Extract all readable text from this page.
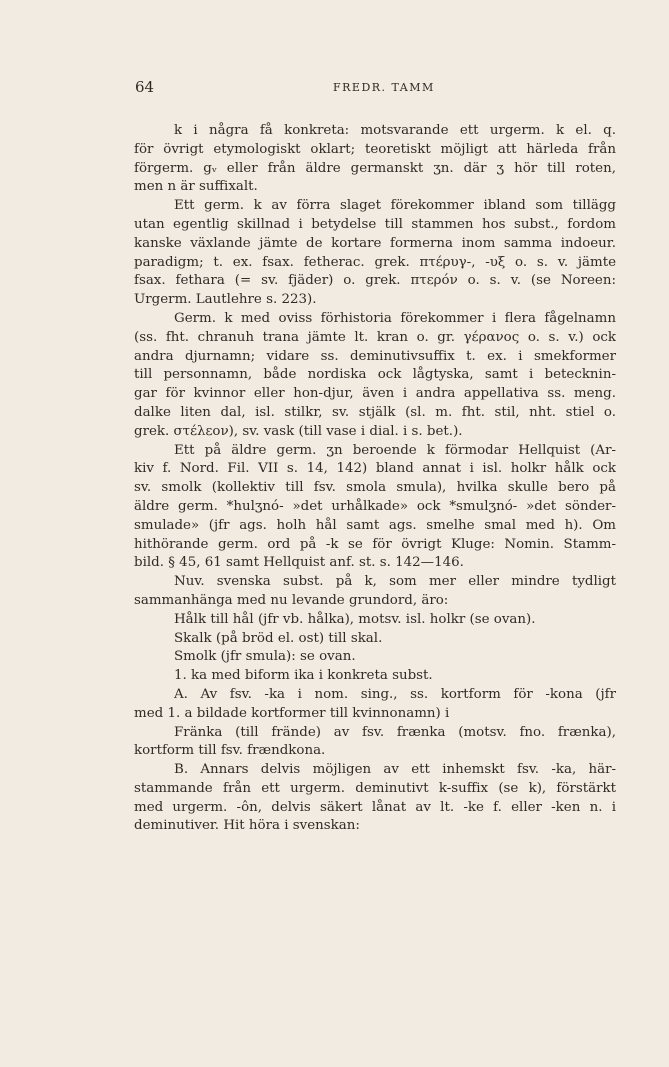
64	FREDR. TAMM
k i några få konkreta: motsvarande ett urgerm. k el. q.
för övrigt etymologiskt oklart; teoretiskt möjligt att härleda från
förgerm. gᵥ eller från äldre germanskt ʒn. där ʒ hör till roten,
men n är suffixalt.
Ett germ. k av förra slaget förekommer ibland som tillägg
utan egentlig skillnad i betydelse till stammen hos subst., fordom
kanske växlande jämte de kortare formerna inom samma indoeur.
paradigm; t. ex. fsax. fetherac. grek. πτέρυγ-, -υξ o. s. v. jämte
fsax. fethara (= sv. fjäder) o. grek. πτερόν o. s. v. (se Noreen:
Urgerm. Lautlehre s. 223).
Germ. k med oviss förhistoria förekommer i flera fågelnamn
(ss. fht. chranuh trana jämte lt. kran o. gr. γέρανος o. s. v.) ock
andra djurnamn; vidare ss. deminutivsuffix t. ex. i smekformer
till personnamn, både nordiska ock lågtyska, samt i betecknin-
gar för kvinnor eller hon-djur, även i andra appellativa ss. meng.
dalke liten dal, isl. stilkr, sv. stjälk (sl. m. fht. stil, nht. stiel o.
grek. στέλεον), sv. vask (till vase i dial. i s. bet.).
Ett på äldre germ. ʒn beroende k förmodar Hellquist (Ar-
kiv f. Nord. Fil. VII s. 14, 142) bland annat i isl. holkr hålk ock
sv. smolk (kollektiv till fsv. smola smula), hvilka skulle bero på
äldre germ. *hulʒnó- »det urhålkade» ock *smulʒnó- »det sönder-
smulade» (jfr ags. holh hål samt ags. smelhe smal med h). Om
hithörande germ. ord på -k se för övrigt Kluge: Nomin. Stamm-
bild. § 45, 61 samt Hellquist anf. st. s. 142—146.
Nuv. svenska subst. på k, som mer eller mindre tydligt
sammanhänga med nu levande grundord, äro:
Hålk till hål (jfr vb. hålka), motsv. isl. holkr (se ovan).
Skalk (på bröd el. ost) till skal.
Smolk (jfr smula): se ovan.
1. ka med biform ika i konkreta subst.
A. Av fsv. -ka i nom. sing., ss. kortform för -kona (jfr
med 1. a bildade kortformer till kvinnonamn) i
Fränka (till frände) av fsv. frænka (motsv. fno. frænka),
kortform till fsv. frændkona.
B. Annars delvis möjligen av ett inhemskt fsv. -ka, här-
stammande från ett urgerm. deminutivt k-suffix (se k), förstärkt
med urgerm. -ôn, delvis säkert lånat av lt. -ke f. eller -ken n. i
deminutiver. Hit höra i svenskan:
